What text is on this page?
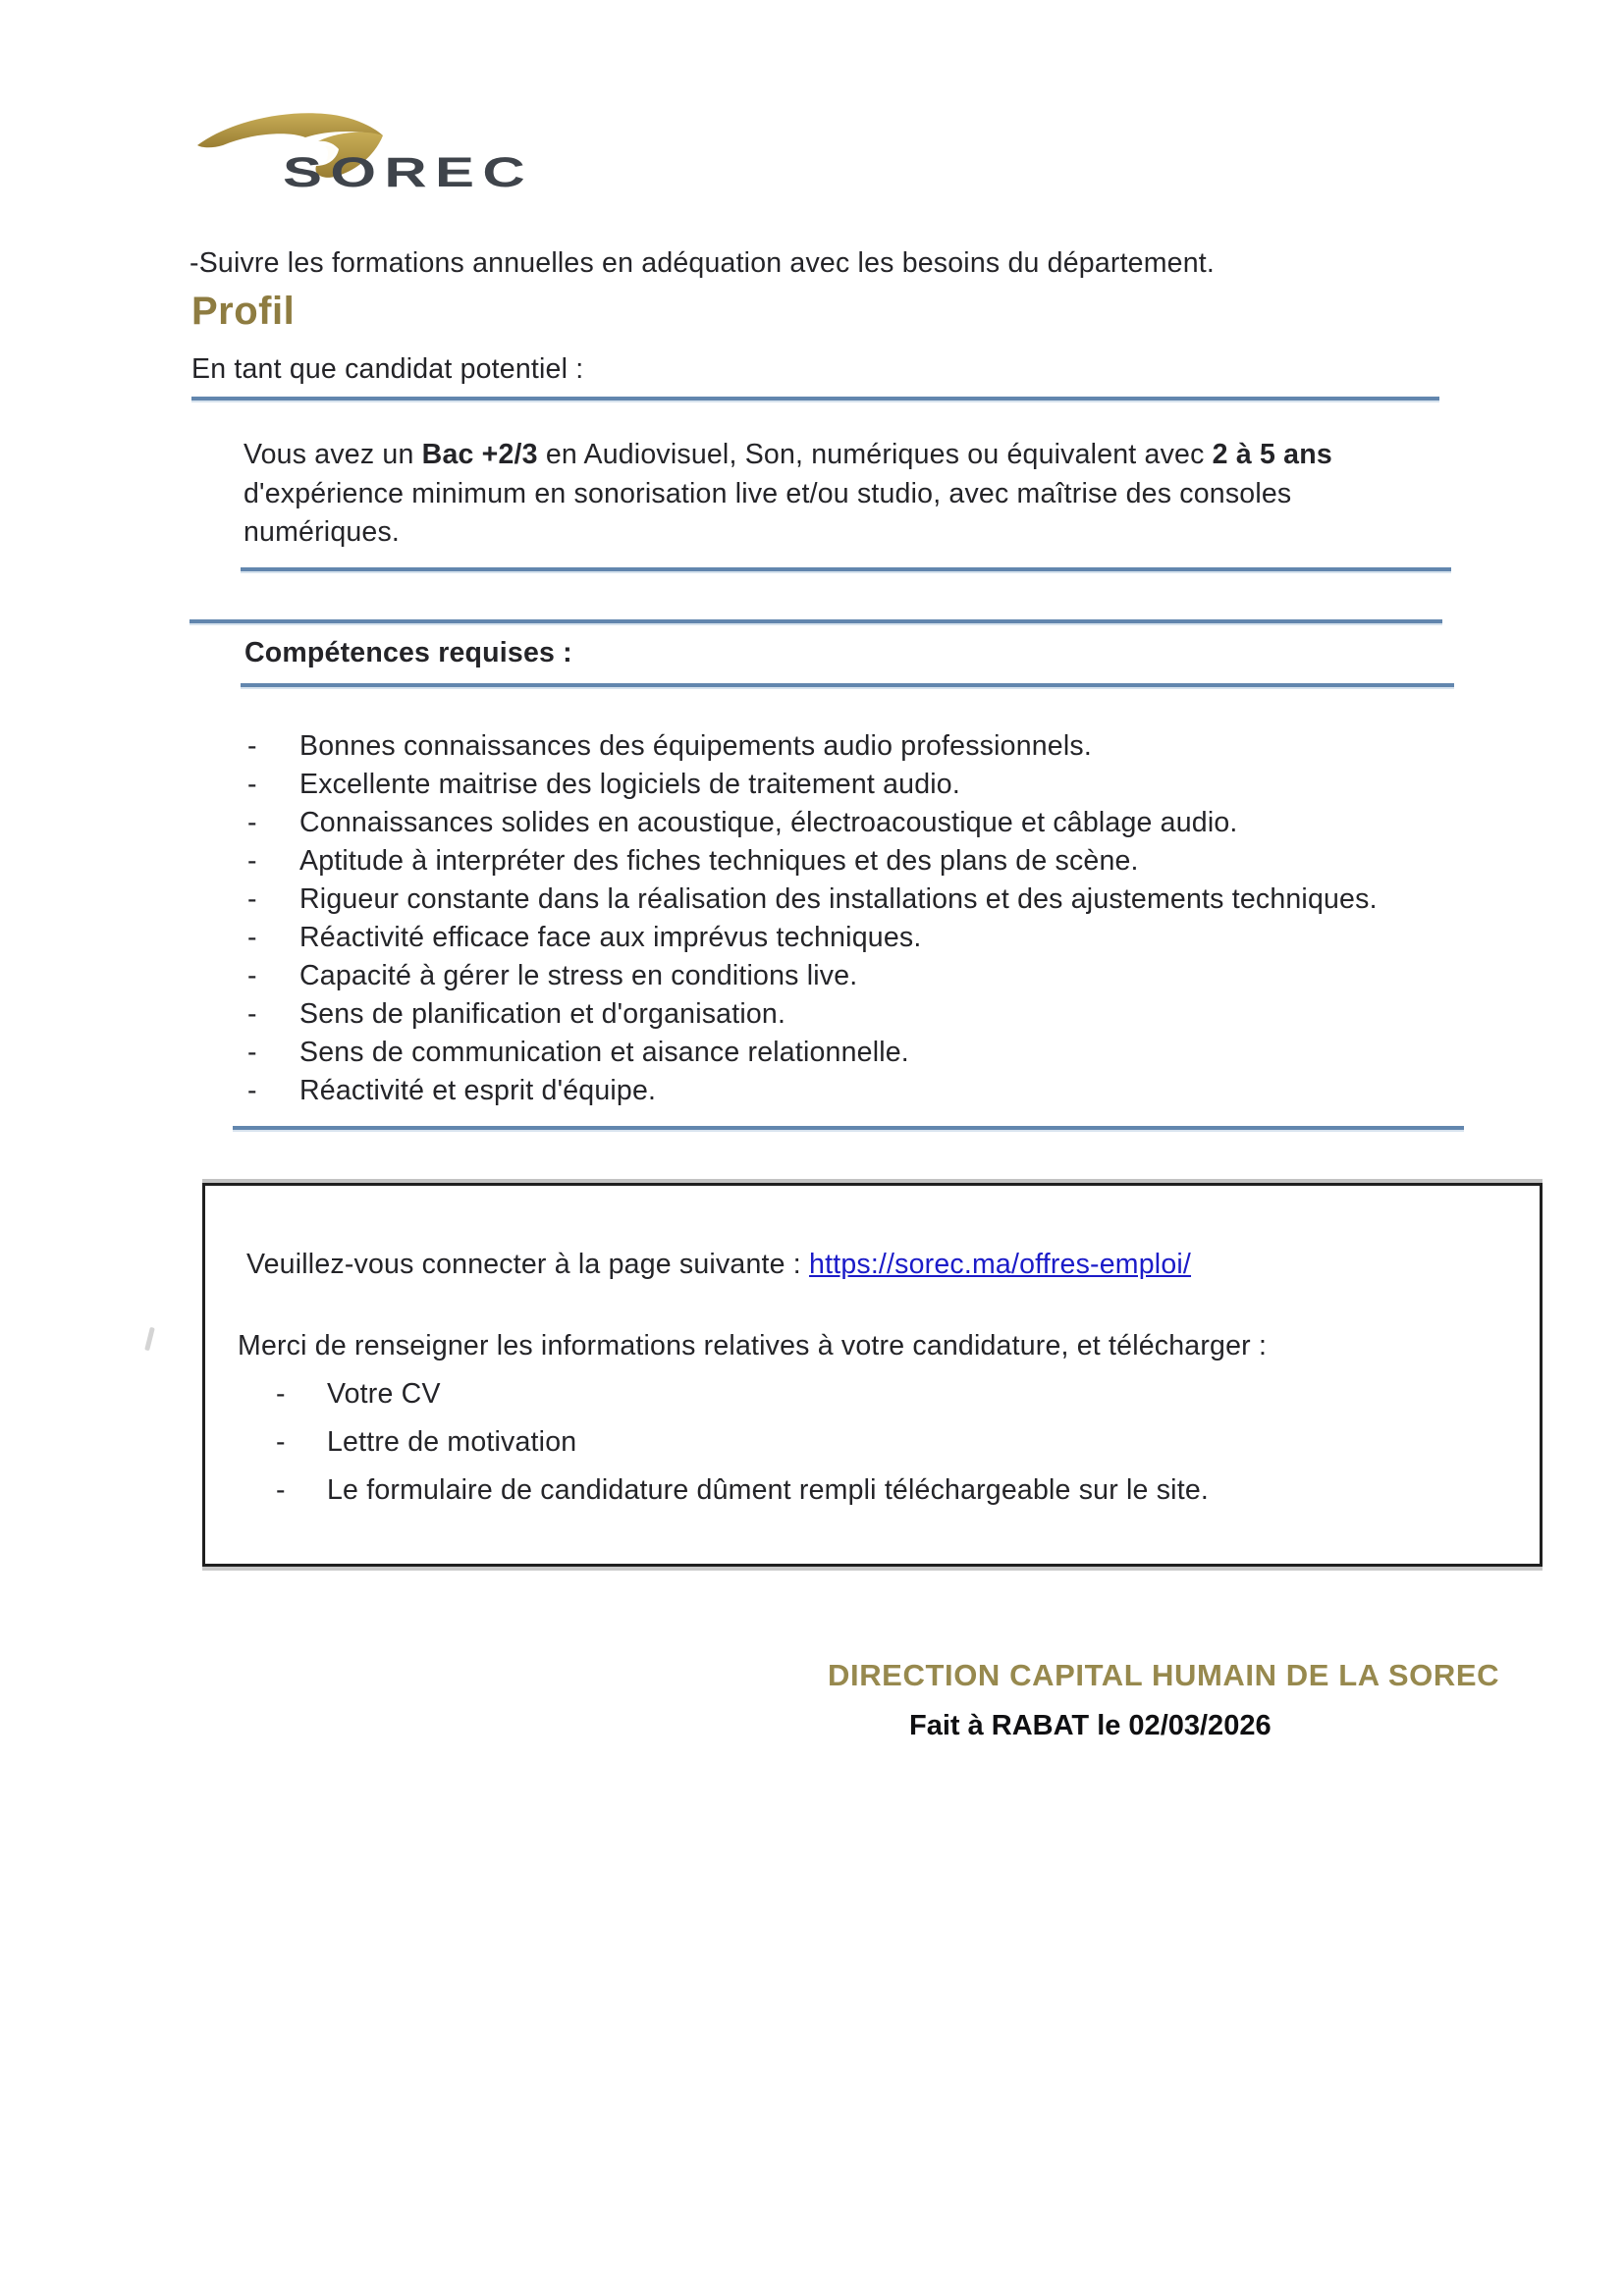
SOREC
-Suivre les formations annuelles en adéquation avec les besoins du département.
Profil
En tant que candidat potentiel :
Vous avez un Bac +2/3 en Audiovisuel, Son, numériques ou équivalent avec 2 à 5 ans
d'expérience minimum en sonorisation live et/ou studio, avec maîtrise des consoles
numériques.
Compétences requises :
-	Bonnes connaissances des équipements audio professionnels.
-	Excellente maitrise des logiciels de traitement audio.
-	Connaissances solides en acoustique, électroacoustique et câblage audio.
-	Aptitude à interpréter des fiches techniques et des plans de scène.
-	Rigueur constante dans la réalisation des installations et des ajustements techniques.
-	Réactivité efficace face aux imprévus techniques.
-	Capacité à gérer le stress en conditions live.
-	Sens de planification et d'organisation.
-	Sens de communication et aisance relationnelle.
-	Réactivité et esprit d'équipe.
Veuillez-vous connecter à la page suivante : https://sorec.ma/offres-emploi/
Merci de renseigner les informations relatives à votre candidature, et télécharger :
-	Votre CV
-	Lettre de motivation
-	Le formulaire de candidature dûment rempli téléchargeable sur le site.
DIRECTION CAPITAL HUMAIN DE LA SOREC
Fait à RABAT le 02/03/2026
